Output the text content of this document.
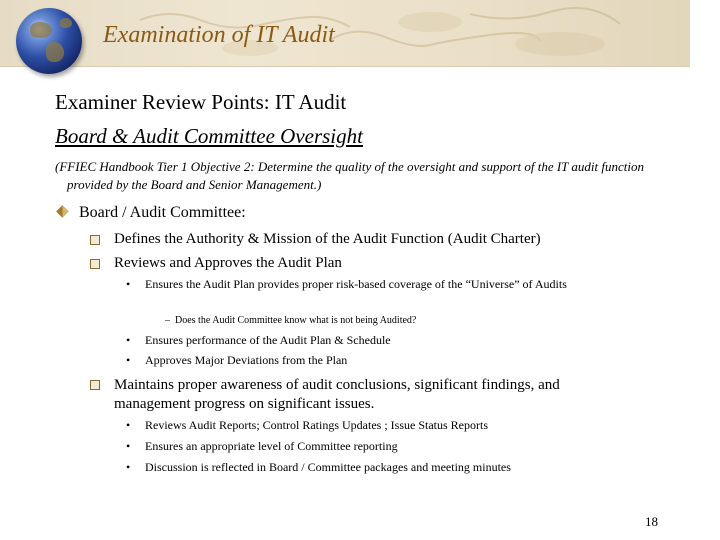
Examination of IT Audit
Examiner Review Points: IT Audit
Board & Audit Committee Oversight
(FFIEC Handbook Tier 1 Objective 2: Determine the quality of the oversight and support of the IT audit function provided by the Board and Senior Management.)
Board / Audit Committee:
Defines the Authority & Mission of the Audit Function (Audit Charter)
Reviews and Approves the Audit Plan
•	Ensures the Audit Plan provides proper risk-based coverage of the “Universe” of Audits
– Does the Audit Committee know what is not being Audited?
• Ensures performance of the Audit Plan & Schedule
• Approves Major Deviations from the Plan
Maintains proper awareness of audit conclusions, significant findings, and management progress on significant issues.
• Reviews Audit Reports; Control Ratings Updates ; Issue Status Reports
• Ensures an appropriate level of Committee reporting
• Discussion is reflected in Board / Committee packages and meeting minutes
18
